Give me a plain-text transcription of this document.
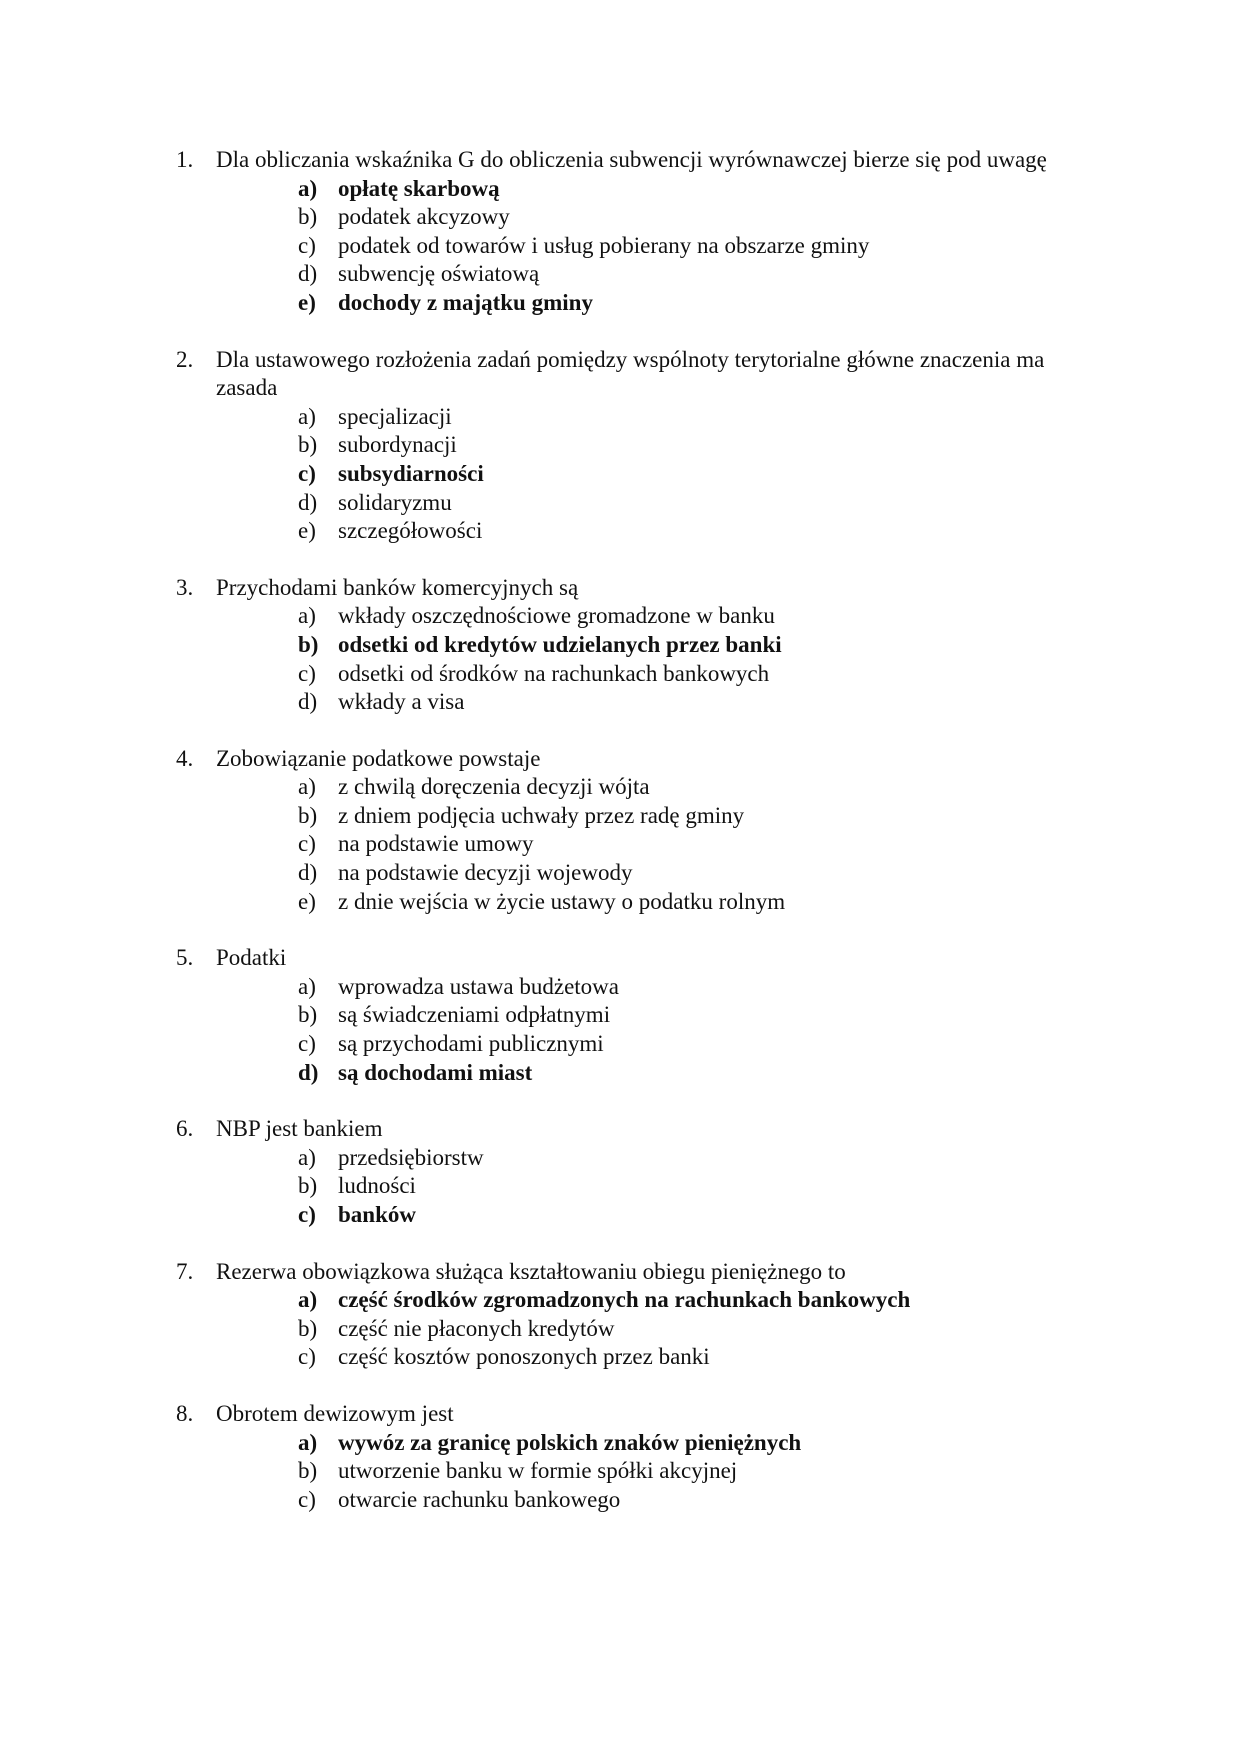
1. Dla obliczania wskaźnika G do obliczenia subwencji wyrównawczej bierze się pod uwagę
a) opłatę skarbową
b) podatek akcyzowy
c) podatek od towarów i usług pobierany na obszarze gminy
d) subwencję oświatową
e) dochody z majątku gminy
2. Dla ustawowego rozłożenia zadań pomiędzy wspólnoty terytorialne główne znaczenia ma zasada
a) specjalizacji
b) subordynacji
c) subsydiarności
d) solidaryzmu
e) szczegółowości
3. Przychodami banków komercyjnych są
a) wkłady oszczędnościowe gromadzone w banku
b) odsetki od kredytów udzielanych przez banki
c) odsetki od środków na rachunkach bankowych
d) wkłady a visa
4. Zobowiązanie podatkowe powstaje
a) z chwilą doręczenia decyzji wójta
b) z dniem podjęcia uchwały przez radę gminy
c) na podstawie umowy
d) na podstawie decyzji wojewody
e) z dnie wejścia w życie ustawy o podatku rolnym
5. Podatki
a) wprowadza ustawa budżetowa
b) są świadczeniami odpłatnymi
c) są przychodami publicznymi
d) są dochodami miast
6. NBP jest bankiem
a) przedsiębiorstw
b) ludności
c) banków
7. Rezerwa obowiązkowa służąca kształtowaniu obiegu pieniężnego to
a) część środków zgromadzonych na rachunkach bankowych
b) część nie płaconych kredytów
c) część kosztów ponoszonych przez banki
8. Obrotem dewizowym jest
a) wywóz za granicę polskich znaków pieniężnych
b) utworzenie banku w formie spółki akcyjnej
c) otwarcie rachunku bankowego
